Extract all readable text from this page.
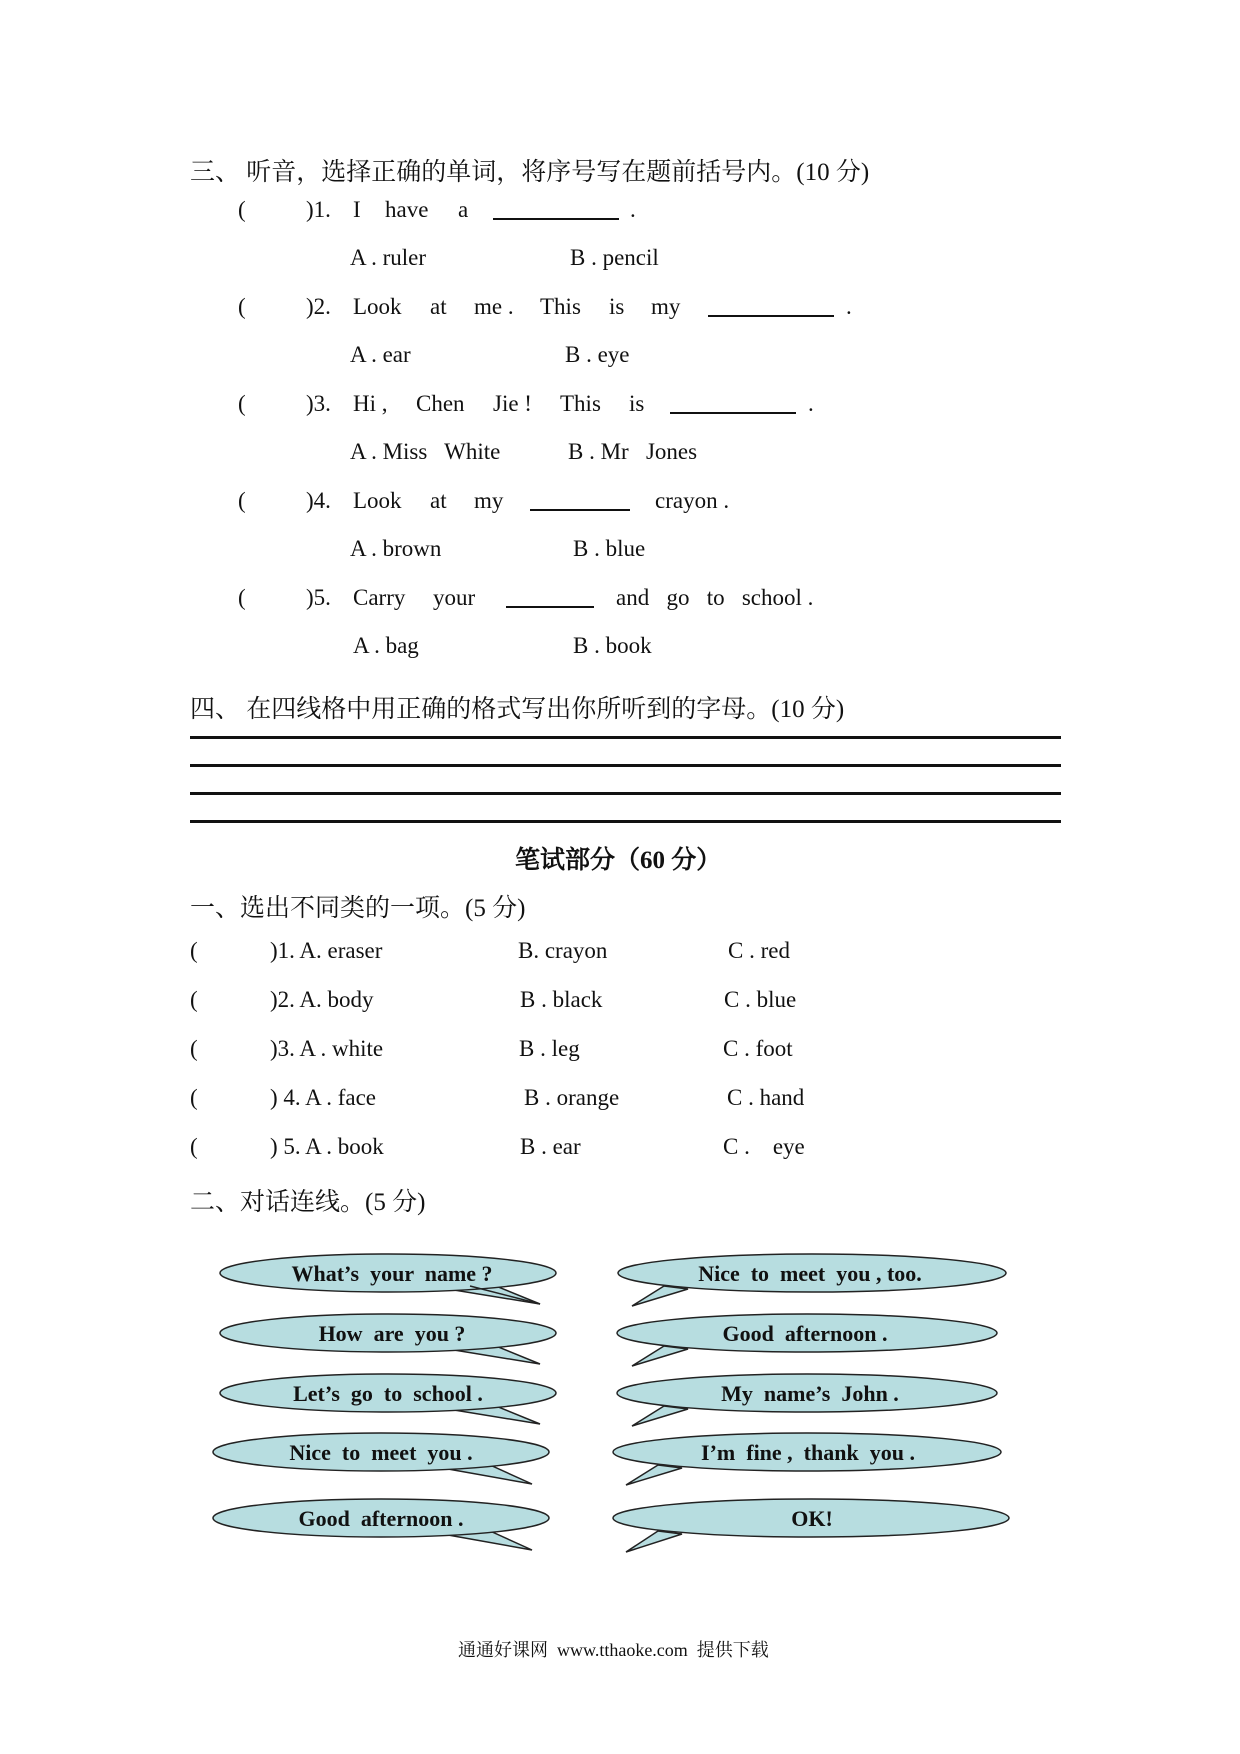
三、 听音，选择正确的单词，将序号写在题前括号内。(10 分)
(	)1. I have a	.
A . ruler	B . pencil
(	)2. Look at me . This is my	.
A . ear	B . eye
(	)3. Hi , Chen Jie ! This is	.
A . Miss   White	B . Mr   Jones
(	)4. Look at my	crayon .
A . brown	B . blue
(	)5. Carry your	and   go   to   school .
A . bag	B . book
四、 在四线格中用正确的格式写出你所听到的字母。(10 分)
笔试部分（60 分）
一、选出不同类的一项。(5 分)
(	)1. A. eraser	B. crayon	C . red
(	)2. A. body	B . black	C . blue
(	)3. A . white	B . leg	C . foot
(	) 4. A . face	B . orange	C . hand
(	) 5. A . book	B . ear	C .    eye
二、对话连线。(5 分)
What’s  your  name ?
How  are  you ?
Let’s  go  to  school .
Nice  to  meet  you .
Good  afternoon .
Nice  to  meet  you , too.
Good  afternoon .
My  name’s  John .
I’m  fine ,  thank  you .
OK!
通通好课网  www.tthaoke.com  提供下载
